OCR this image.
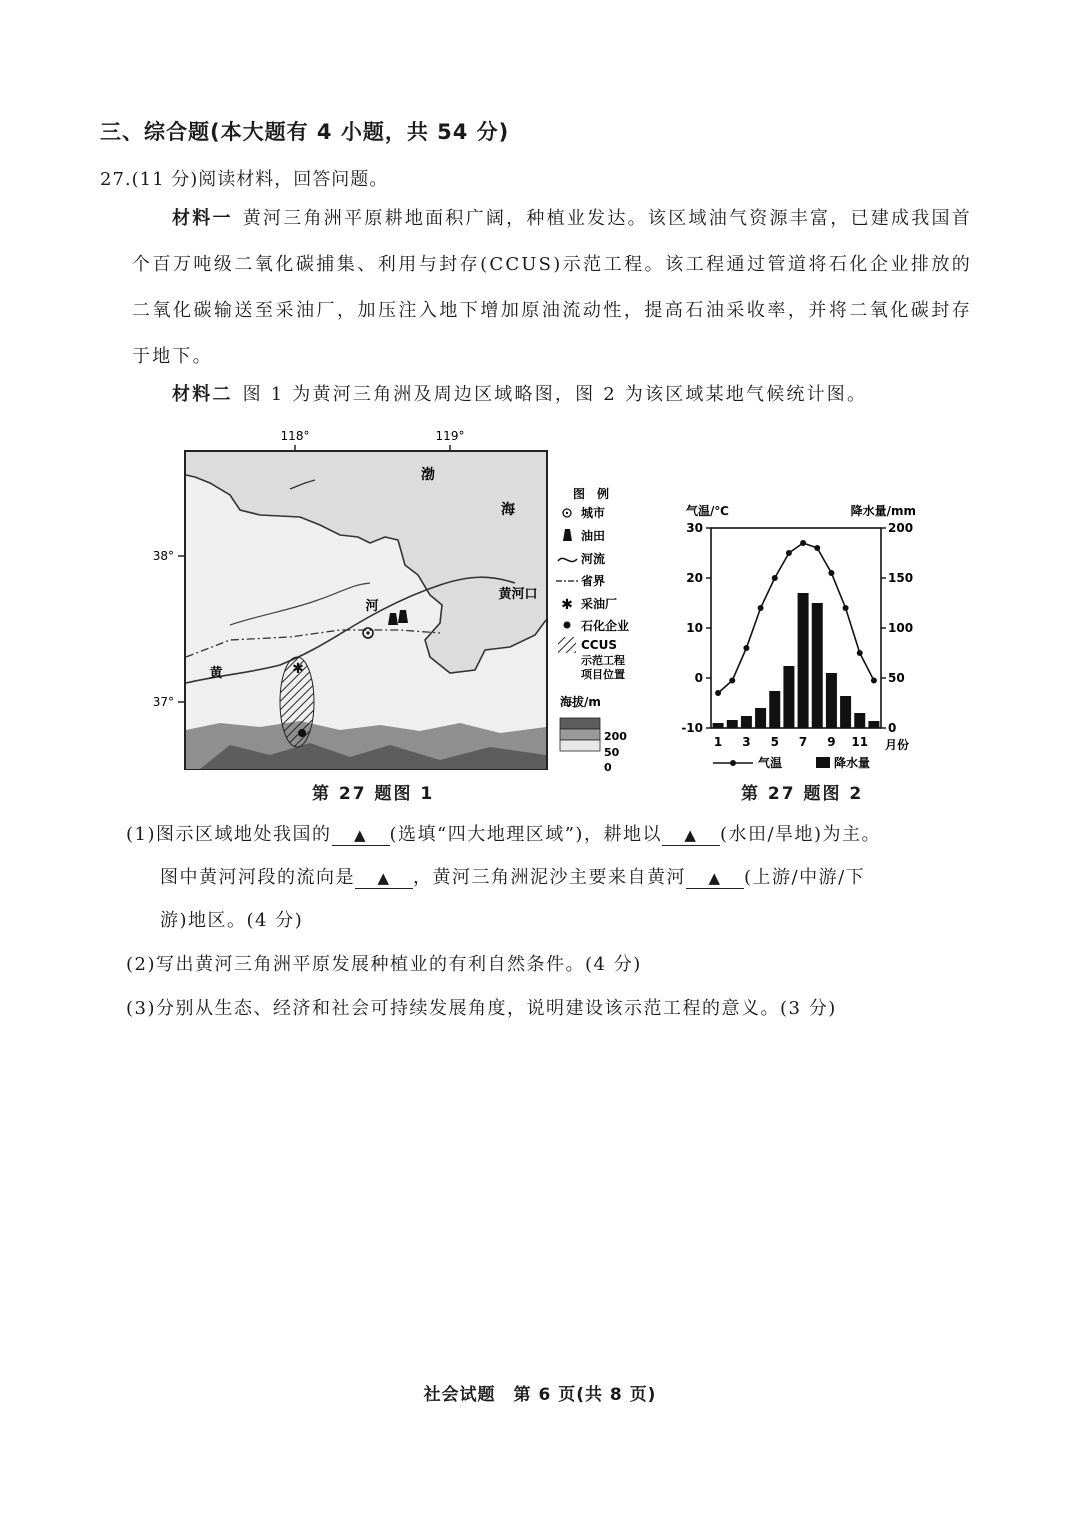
三、综合题(本大题有 4 小题，共 54 分)
27.(11 分)阅读材料，回答问题。
材料一 黄河三角洲平原耕地面积广阔，种植业发达。该区域油气资源丰富，已建成我国首个百万吨级二氧化碳捕集、利用与封存(CCUS)示范工程。该工程通过管道将石化企业排放的二氧化碳输送至采油厂，加压注入地下增加原油流动性，提高石油采收率，并将二氧化碳封存于地下。
材料二 图 1 为黄河三角洲及周边区域略图，图 2 为该区域某地气候统计图。
✱
118°	119°
38°
37°
渤
海
河
黄
黄河口
图　例
城市
油田
河流
省界
✱ 采油厂
石化企业
CCUS
示范工程
项目位置
海拔/m
200
50
0
第 27 题图 1
气温/℃	降水量/mm
30
20
10
0
-10
200
150
100
50
0
1 3 5 7 9 11 月份
气温	降水量
第 27 题图 2
(1)图示区域地处我国的 ▲ (选填“四大地理区域”)，耕地以 ▲ (水田/旱地)为主。
图中黄河河段的流向是 ▲ ，黄河三角洲泥沙主要来自黄河 ▲ (上游/中游/下
游)地区。(4 分)
(2)写出黄河三角洲平原发展种植业的有利自然条件。(4 分)
(3)分别从生态、经济和社会可持续发展角度，说明建设该示范工程的意义。(3 分)
社会试题　第 6 页(共 8 页)
